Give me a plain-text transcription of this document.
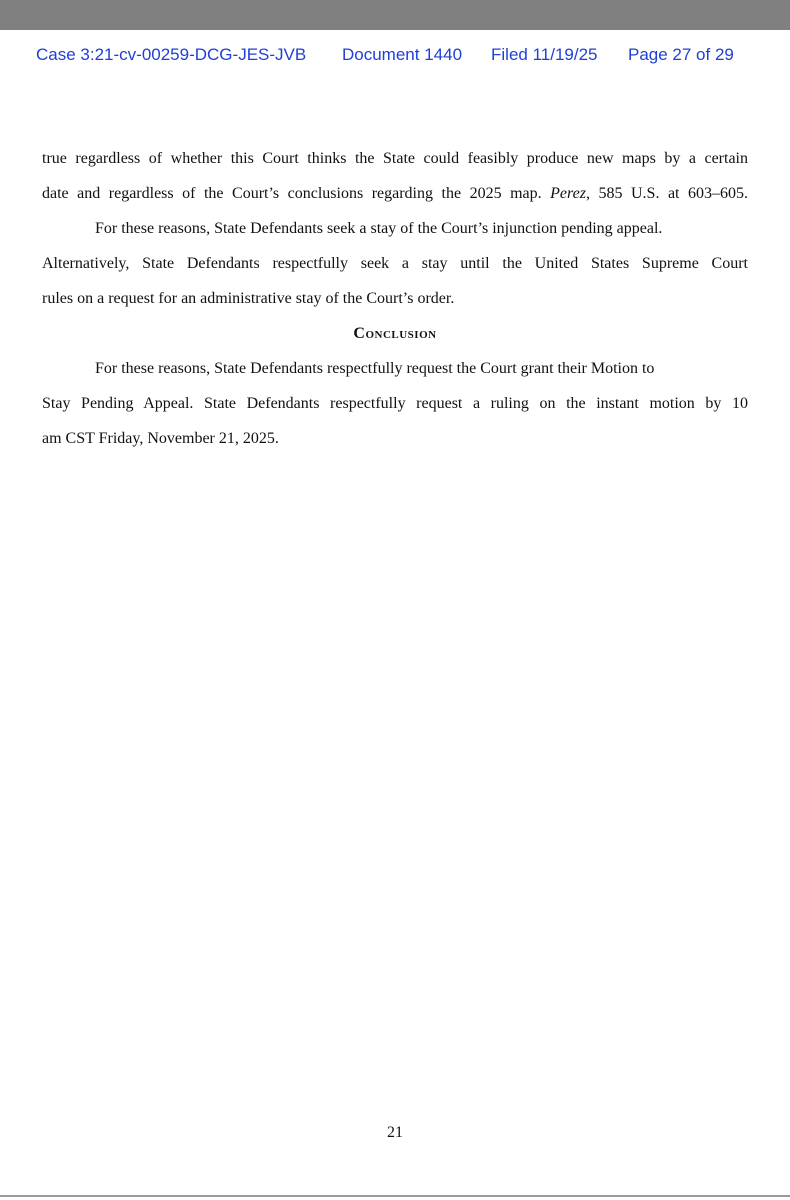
Case 3:21-cv-00259-DCG-JES-JVB Document 1440 Filed 11/19/25 Page 27 of 29
true regardless of whether this Court thinks the State could feasibly produce new maps by a certain
date and regardless of the Court’s conclusions regarding the 2025 map. Perez, 585 U.S. at 603–605.
For these reasons, State Defendants seek a stay of the Court’s injunction pending appeal.
Alternatively, State Defendants respectfully seek a stay until the United States Supreme Court
rules on a request for an administrative stay of the Court’s order.
Conclusion
For these reasons, State Defendants respectfully request the Court grant their Motion to
Stay Pending Appeal. State Defendants respectfully request a ruling on the instant motion by 10
am CST Friday, November 21, 2025.
21
